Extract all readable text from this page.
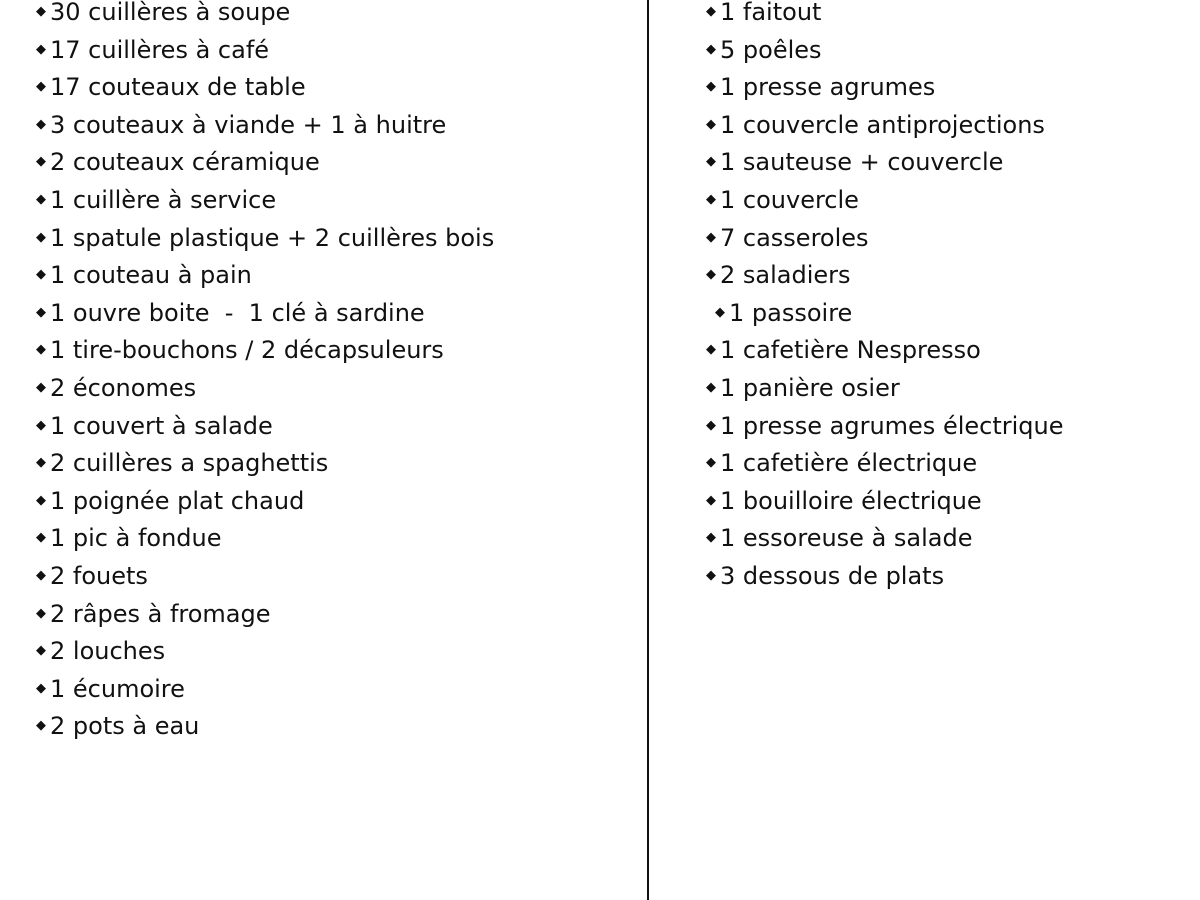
◆ 30 cuillères à soupe
◆ 17 cuillères à café
◆ 17 couteaux de table
◆ 3 couteaux à viande + 1 à huitre
◆ 2 couteaux céramique
◆ 1 cuillère à service
◆ 1 spatule plastique + 2 cuillères bois
◆ 1 couteau à pain
◆ 1 ouvre boite  -  1 clé à sardine
◆ 1 tire-bouchons / 2 décapsuleurs
◆ 2 économes
◆ 1 couvert à salade
◆ 2 cuillères a spaghettis
◆ 1 poignée plat chaud
◆ 1 pic à fondue
◆ 2 fouets
◆ 2 râpes à fromage
◆ 2 louches
◆ 1 écumoire
◆ 2 pots à eau
◆ 1 faitout
◆ 5 poêles
◆ 1 presse agrumes
◆ 1 couvercle antiprojections
◆ 1 sauteuse + couvercle
◆ 1 couvercle
◆ 7 casseroles
◆ 2 saladiers
◆ 1 passoire
◆ 1 cafetière Nespresso
◆ 1 panière osier
◆ 1 presse agrumes électrique
◆ 1 cafetière électrique
◆ 1 bouilloire électrique
◆ 1 essoreuse à salade
◆ 3 dessous de plats
